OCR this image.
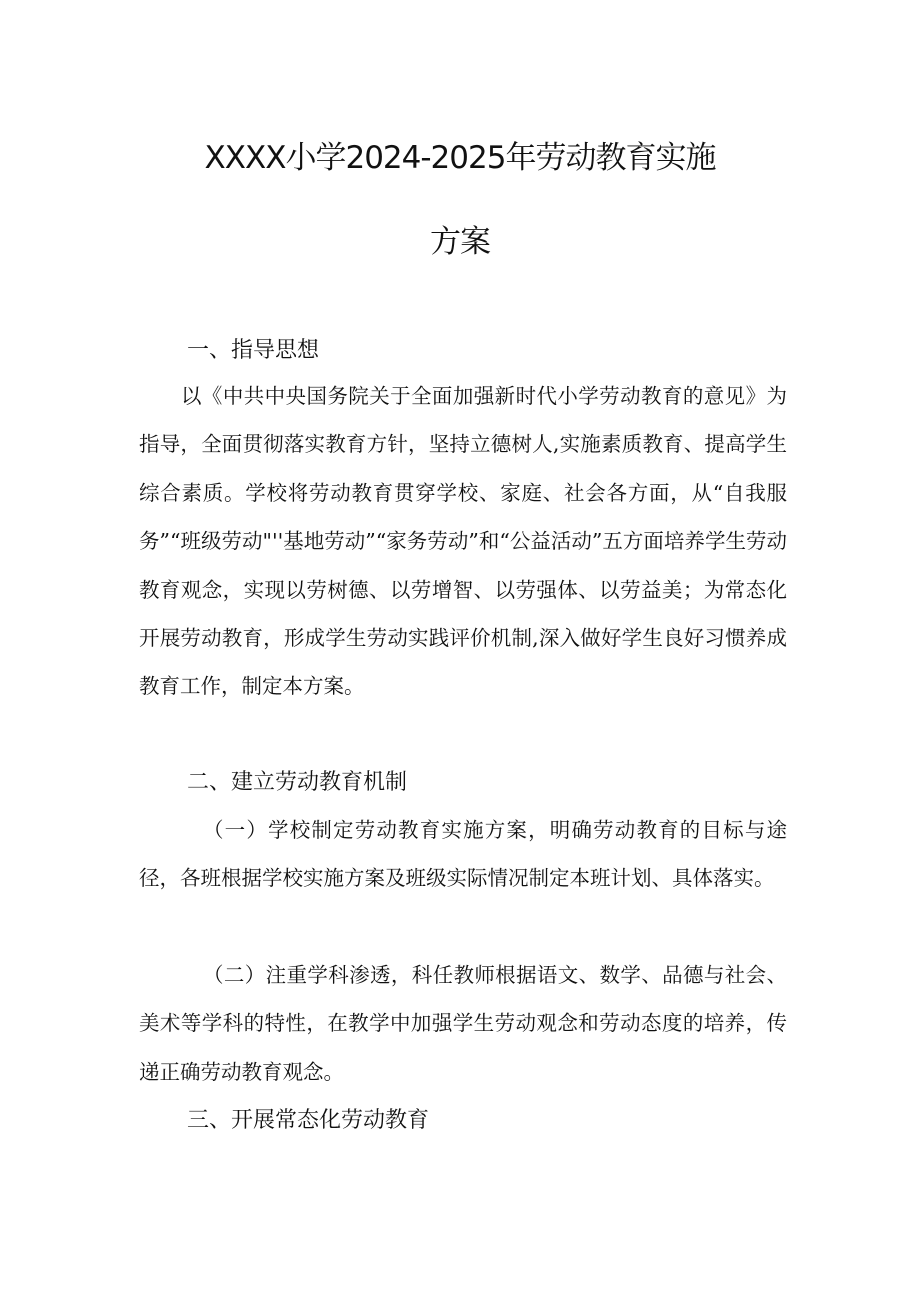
XXXX小学2024-2025年劳动教育实施
方案
一、指导思想

以《中共中央国务院关于全面加强新时代小学劳动教育的意见》为指导，全面贯彻落实教育方针，坚持立德树人,实施素质教育、提高学生综合素质。学校将劳动教育贯穿学校、家庭、社会各方面，从“自我服务”“班级劳动"''基地劳动”“家务劳动”和“公益活动”五方面培养学生劳动教育观念，实现以劳树德、以劳增智、以劳强体、以劳益美；为常态化开展劳动教育，形成学生劳动实践评价机制,深入做好学生良好习惯养成教育工作，制定本方案。

二、建立劳动教育机制

（一）学校制定劳动教育实施方案，明确劳动教育的目标与途径，各班根据学校实施方案及班级实际情况制定本班计划、具体落实。

（二）注重学科渗透，科任教师根据语文、数学、品德与社会、美术等学科的特性，在教学中加强学生劳动观念和劳动态度的培养，传递正确劳动教育观念。

三、开展常态化劳动教育
